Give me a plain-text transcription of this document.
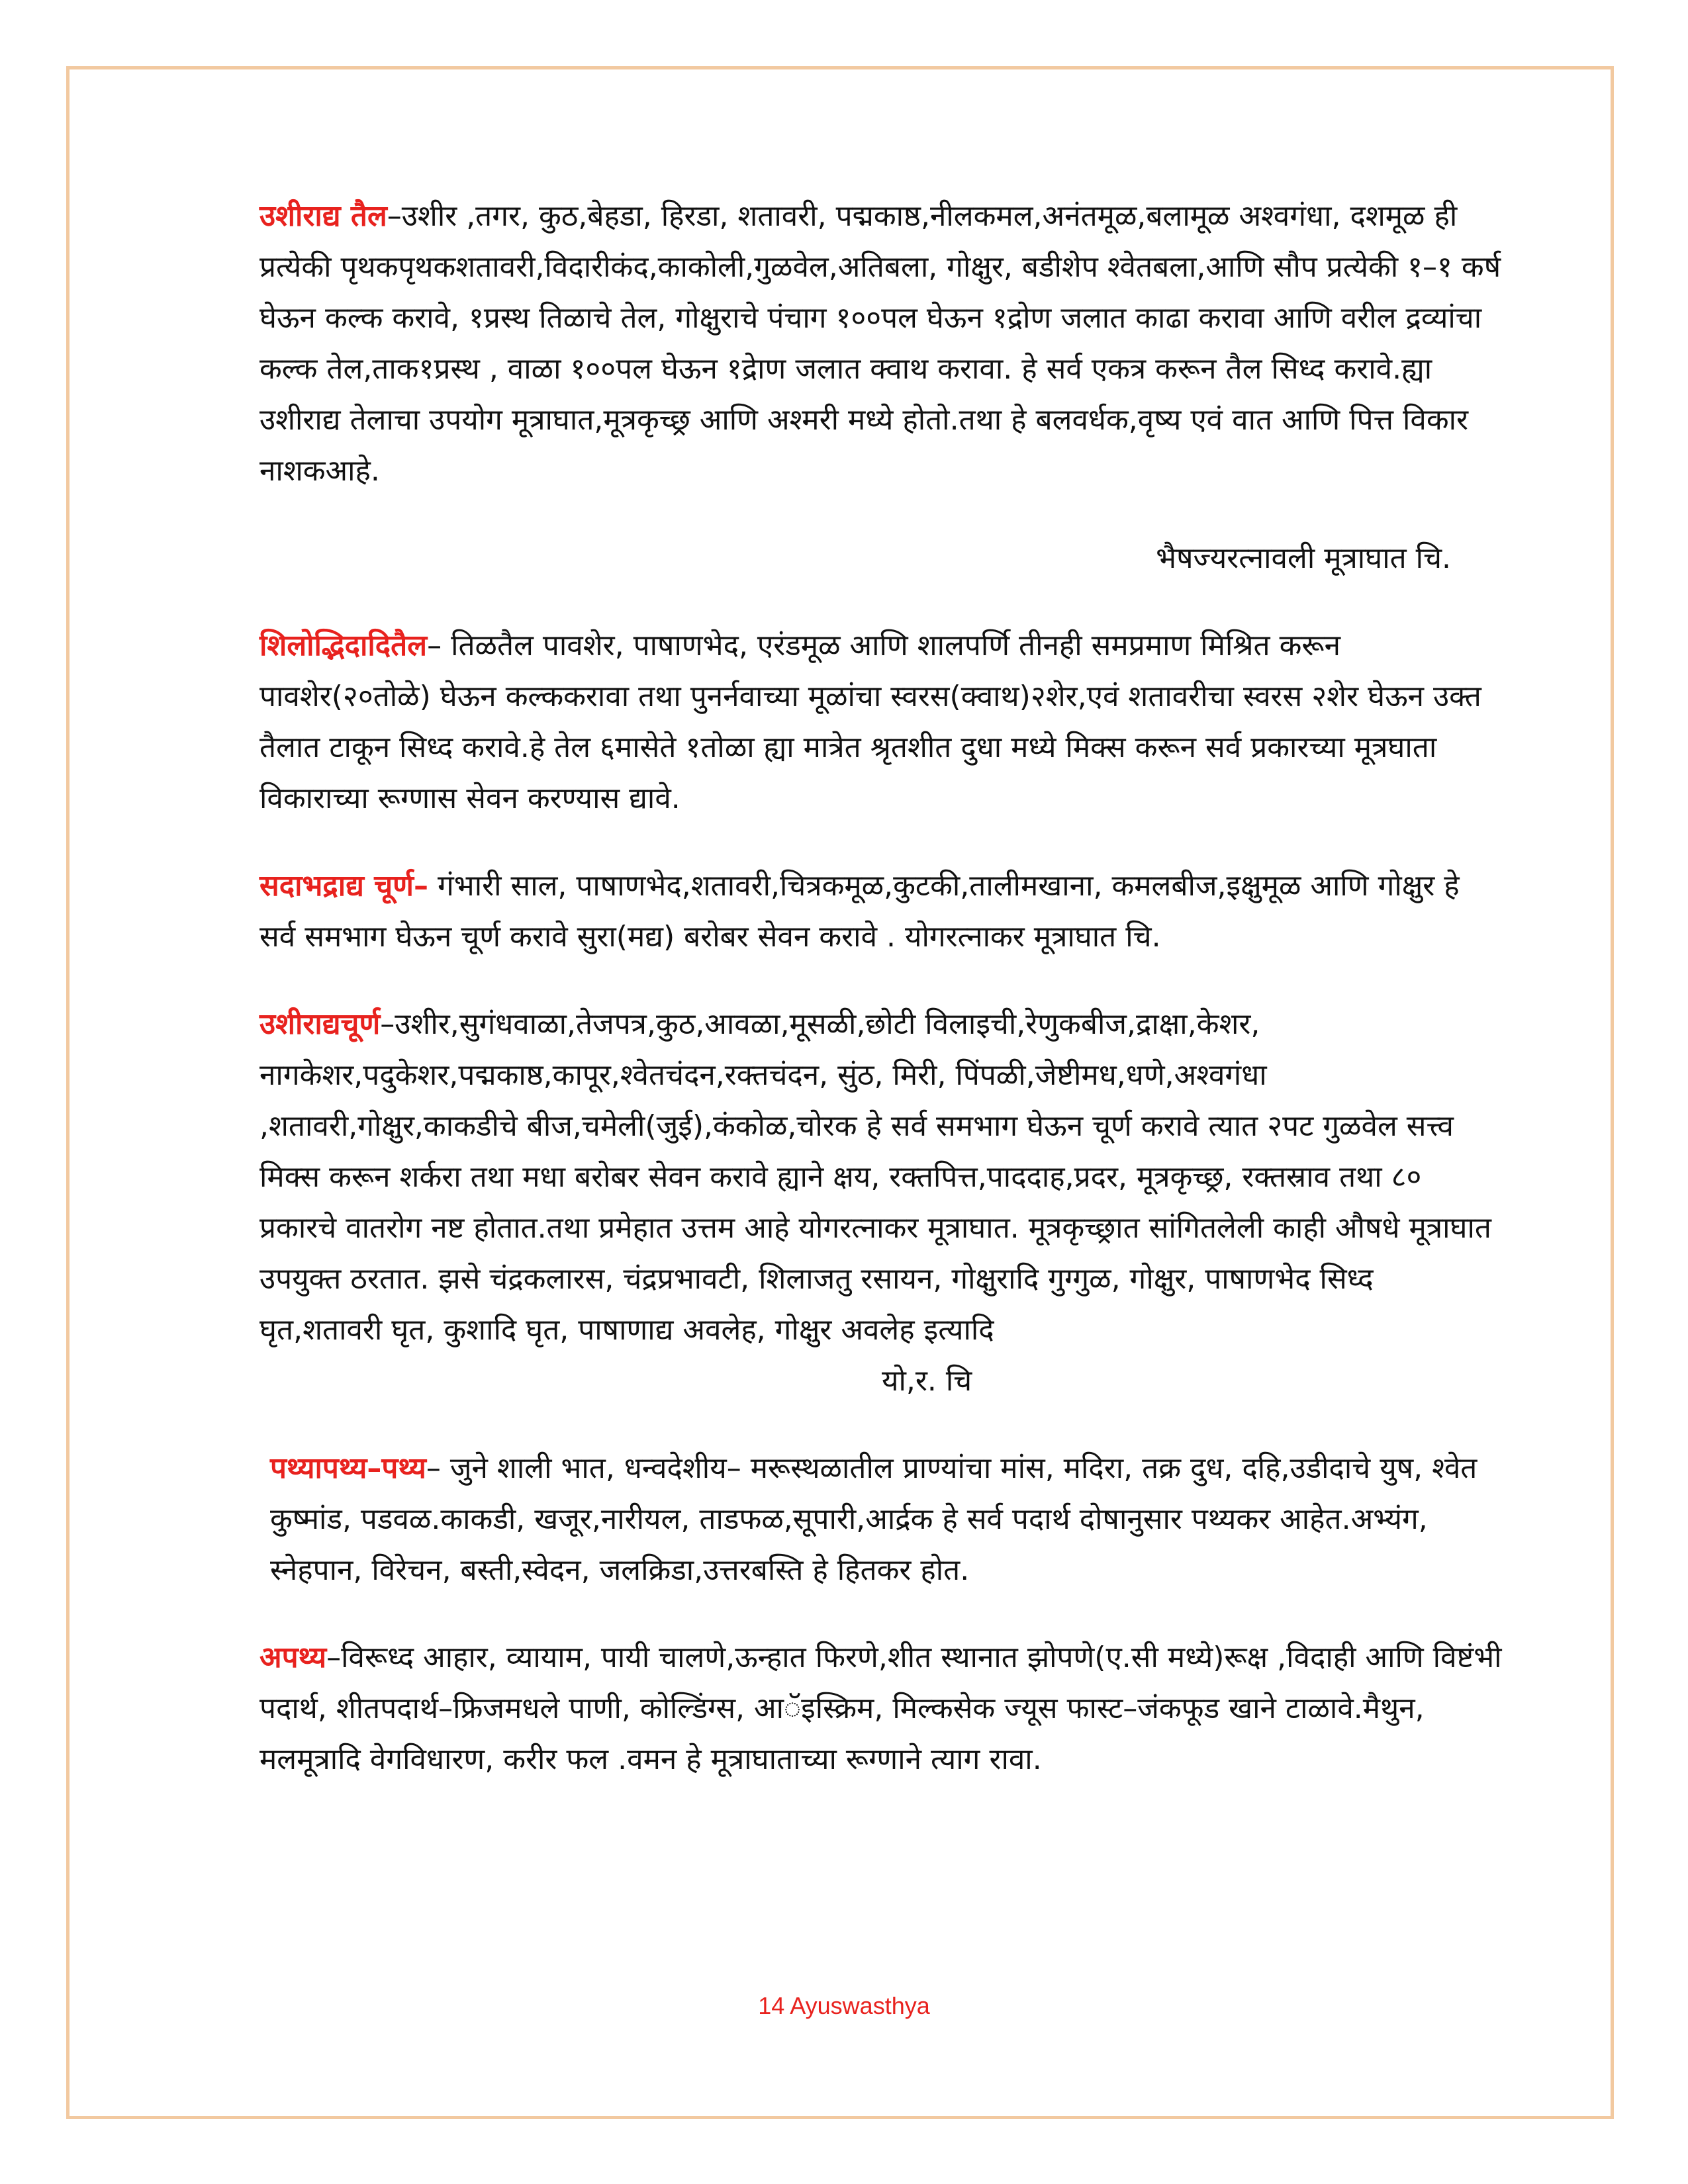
उशीराद्य तैल–उशीर ,तगर, कुठ,बेहडा, हिरडा, शतावरी, पद्मकाष्ठ,नीलकमल,अनंतमूळ,बलामूळ अश्वगंधा, दशमूळ ही प्रत्येकी पृथकपृथकशतावरी,विदारीकंद,काकोली,गुळवेल,अतिबला, गोक्षुर, बडीशेप श्वेतबला,आणि सौप प्रत्येकी १–१ कर्ष घेऊन कल्क करावे, १प्रस्थ तिळाचे तेल, गोक्षुराचे पंचाग १००पल घेऊन १द्रोण जलात काढा करावा आणि वरील द्रव्यांचा कल्क तेल,ताक१प्रस्थ , वाळा १००पल घेऊन १द्रेाण जलात क्वाथ करावा. हे सर्व एकत्र करून तैल सिध्द करावे.ह्या उशीराद्य तेलाचा उपयोग मूत्राघात,मूत्रकृच्छ्र आणि अश्मरी मध्ये होतो.तथा हे बलवर्धक,वृष्य एवं वात आणि पित्त विकार नाशकआहे.

भैषज्यरत्नावली मूत्राघात चि.

शिलोद्भिदादितैल– तिळतैल पावशेर, पाषाणभेद, एरंडमूळ आणि शालपर्णि तीनही समप्रमाण मिश्रित करून पावशेर(२०तोळे) घेऊन कल्ककरावा तथा पुनर्नवाच्या मूळांचा स्वरस(क्वाथ)२शेर,एवं शतावरीचा स्वरस २शेर घेऊन उक्त तैलात टाकून सिध्द करावे.हे तेल ६मासेते १तोळा ह्या मात्रेत श्रृतशीत दुधा मध्ये मिक्स करून सर्व प्रकारच्या मूत्रघाता विकाराच्या रूग्णास सेवन करण्यास द्यावे.

सदाभद्राद्य चूर्ण– गंभारी साल, पाषाणभेद,शतावरी,चित्रकमूळ,कुटकी,तालीमखाना, कमलबीज,इक्षुमूळ आणि गोक्षुर हे सर्व समभाग घेऊन चूर्ण करावे सुरा(मद्य) बरोबर सेवन करावे . योगरत्नाकर मूत्राघात चि.

उशीराद्यचूर्ण–उशीर,सुगंधवाळा,तेजपत्र,कुठ,आवळा,मूसळी,छोटी विलाइची,रेणुकबीज,द्राक्षा,केशर, नागकेशर,पदुकेशर,पद्मकाष्ठ,कापूर,श्वेतचंदन,रक्तचंदन, सुंठ, मिरी, पिंपळी,जेष्टीमध,धणे,अश्वगंधा ,शतावरी,गोक्षुर,काकडीचे बीज,चमेली(जुई),कंकोळ,चोरक हे सर्व समभाग घेऊन चूर्ण करावे त्यात २पट गुळवेल सत्त्व मिक्स करून शर्करा तथा मधा बरोबर सेवन करावे ह्याने क्षय, रक्तपित्त,पाददाह,प्रदर, मूत्रकृच्छ्र, रक्तस्राव तथा ८० प्रकारचे वातरोग नष्ट होतात.तथा प्रमेहात उत्तम आहे योगरत्नाकर मूत्राघात. मूत्रकृच्छ्रात सांगितलेली काही औषधे मूत्राघात उपयुक्त ठरतात. झसे चंद्रकलारस, चंद्रप्रभावटी, शिलाजतु रसायन, गोक्षुरादि गुग्गुळ, गोक्षुर, पाषाणभेद सिध्द घृत,शतावरी घृत, कुशादि घृत, पाषाणाद्य अवलेह, गोक्षुर अवलेह इत्यादियो,र. चि

पथ्यापथ्य–पथ्य– जुने शाली भात, धन्वदेशीय– मरूस्थळातील प्राण्यांचा मांस, मदिरा, तक्र दुध, दहि,उडीदाचे युष, श्वेत कुष्मांड, पडवळ.काकडी, खजूर,नारीयल, ताडफळ,सूपारी,आर्द्रक हे सर्व पदार्थ दोषानुसार पथ्यकर आहेत.अभ्यंग, स्नेहपान, विरेचन, बस्ती,स्वेदन, जलक्रिडा,उत्तरबस्ति हे हितकर होत.

अपथ्य–विरूध्द आहार, व्यायाम, पायी चालणे,ऊन्हात फिरणे,शीत स्थानात झोपणे(ए.सी मध्ये)रूक्ष ,विदाही आणि विष्टंभी पदार्थ, शीतपदार्थ–फ्रिजमधले पाणी, कोल्डिंग्स, आॅइस्क्रिम, मिल्कसेक ज्यूस फास्ट–जंकफूड खाने टाळावे.मैथुन, मलमूत्रादि वेगविधारण, करीर फल .वमन हे मूत्राघाताच्या रूग्णाने त्याग रावा.

14 Ayuswasthya
